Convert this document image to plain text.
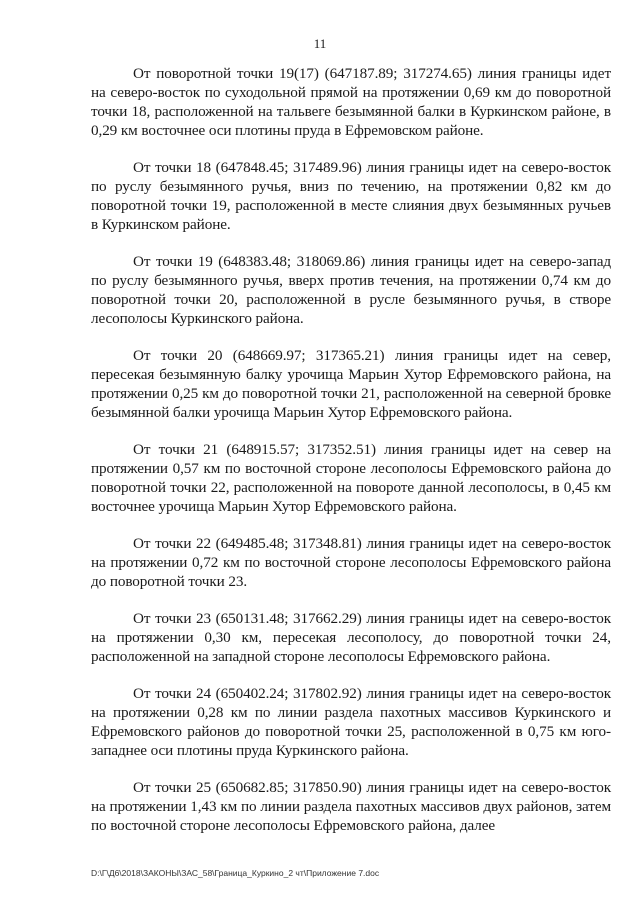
11

От поворотной точки 19(17) (647187.89; 317274.65) линия границы идет на северо-восток по суходольной прямой на протяжении 0,69 км до поворотной точки 18, расположенной на тальвеге безымянной балки в Куркинском районе, в 0,29 км восточнее оси плотины пруда в Ефремовском районе.

От точки 18 (647848.45; 317489.96) линия границы идет на северо-восток по руслу безымянного ручья, вниз по течению, на протяжении 0,82 км до поворотной точки 19, расположенной в месте слияния двух безымянных ручьев в Куркинском районе.

От точки 19 (648383.48; 318069.86) линия границы идет на северо-запад по руслу безымянного ручья, вверх против течения, на протяжении 0,74 км до поворотной точки 20, расположенной в русле безымянного ручья, в створе лесополосы Куркинского района.

От точки 20 (648669.97; 317365.21) линия границы идет на север, пересекая безымянную балку урочища Марьин Хутор Ефремовского района, на протяжении 0,25 км до поворотной точки 21, расположенной на северной бровке безымянной балки урочища Марьин Хутор Ефремовского района.

От точки 21 (648915.57; 317352.51) линия границы идет на север на протяжении 0,57 км по восточной стороне лесополосы Ефремовского района до поворотной точки 22, расположенной на повороте данной лесополосы, в 0,45 км восточнее урочища Марьин Хутор Ефремовского района.

От точки 22 (649485.48; 317348.81) линия границы идет на северо-восток на протяжении 0,72 км по восточной стороне лесополосы Ефремовского района до поворотной точки 23.

От точки 23 (650131.48; 317662.29) линия границы идет на северо-восток на протяжении 0,30 км, пересекая лесополосу, до поворотной точки 24, расположенной на западной стороне лесополосы Ефремовского района.

От точки 24 (650402.24; 317802.92) линия границы идет на северо-восток на протяжении 0,28 км по линии раздела пахотных массивов Куркинского и Ефремовского районов до поворотной точки 25, расположенной в 0,75 км юго-западнее оси плотины пруда Куркинского района.

От точки 25 (650682.85; 317850.90) линия границы идет на северо-восток на протяжении 1,43 км по линии раздела пахотных массивов двух районов, затем по восточной стороне лесополосы Ефремовского района, далее

D:\Г\Д6\2018\ЗАКОНЫ\ЗАС_58\Граница_Куркино_2 чт\Приложение 7.doc
